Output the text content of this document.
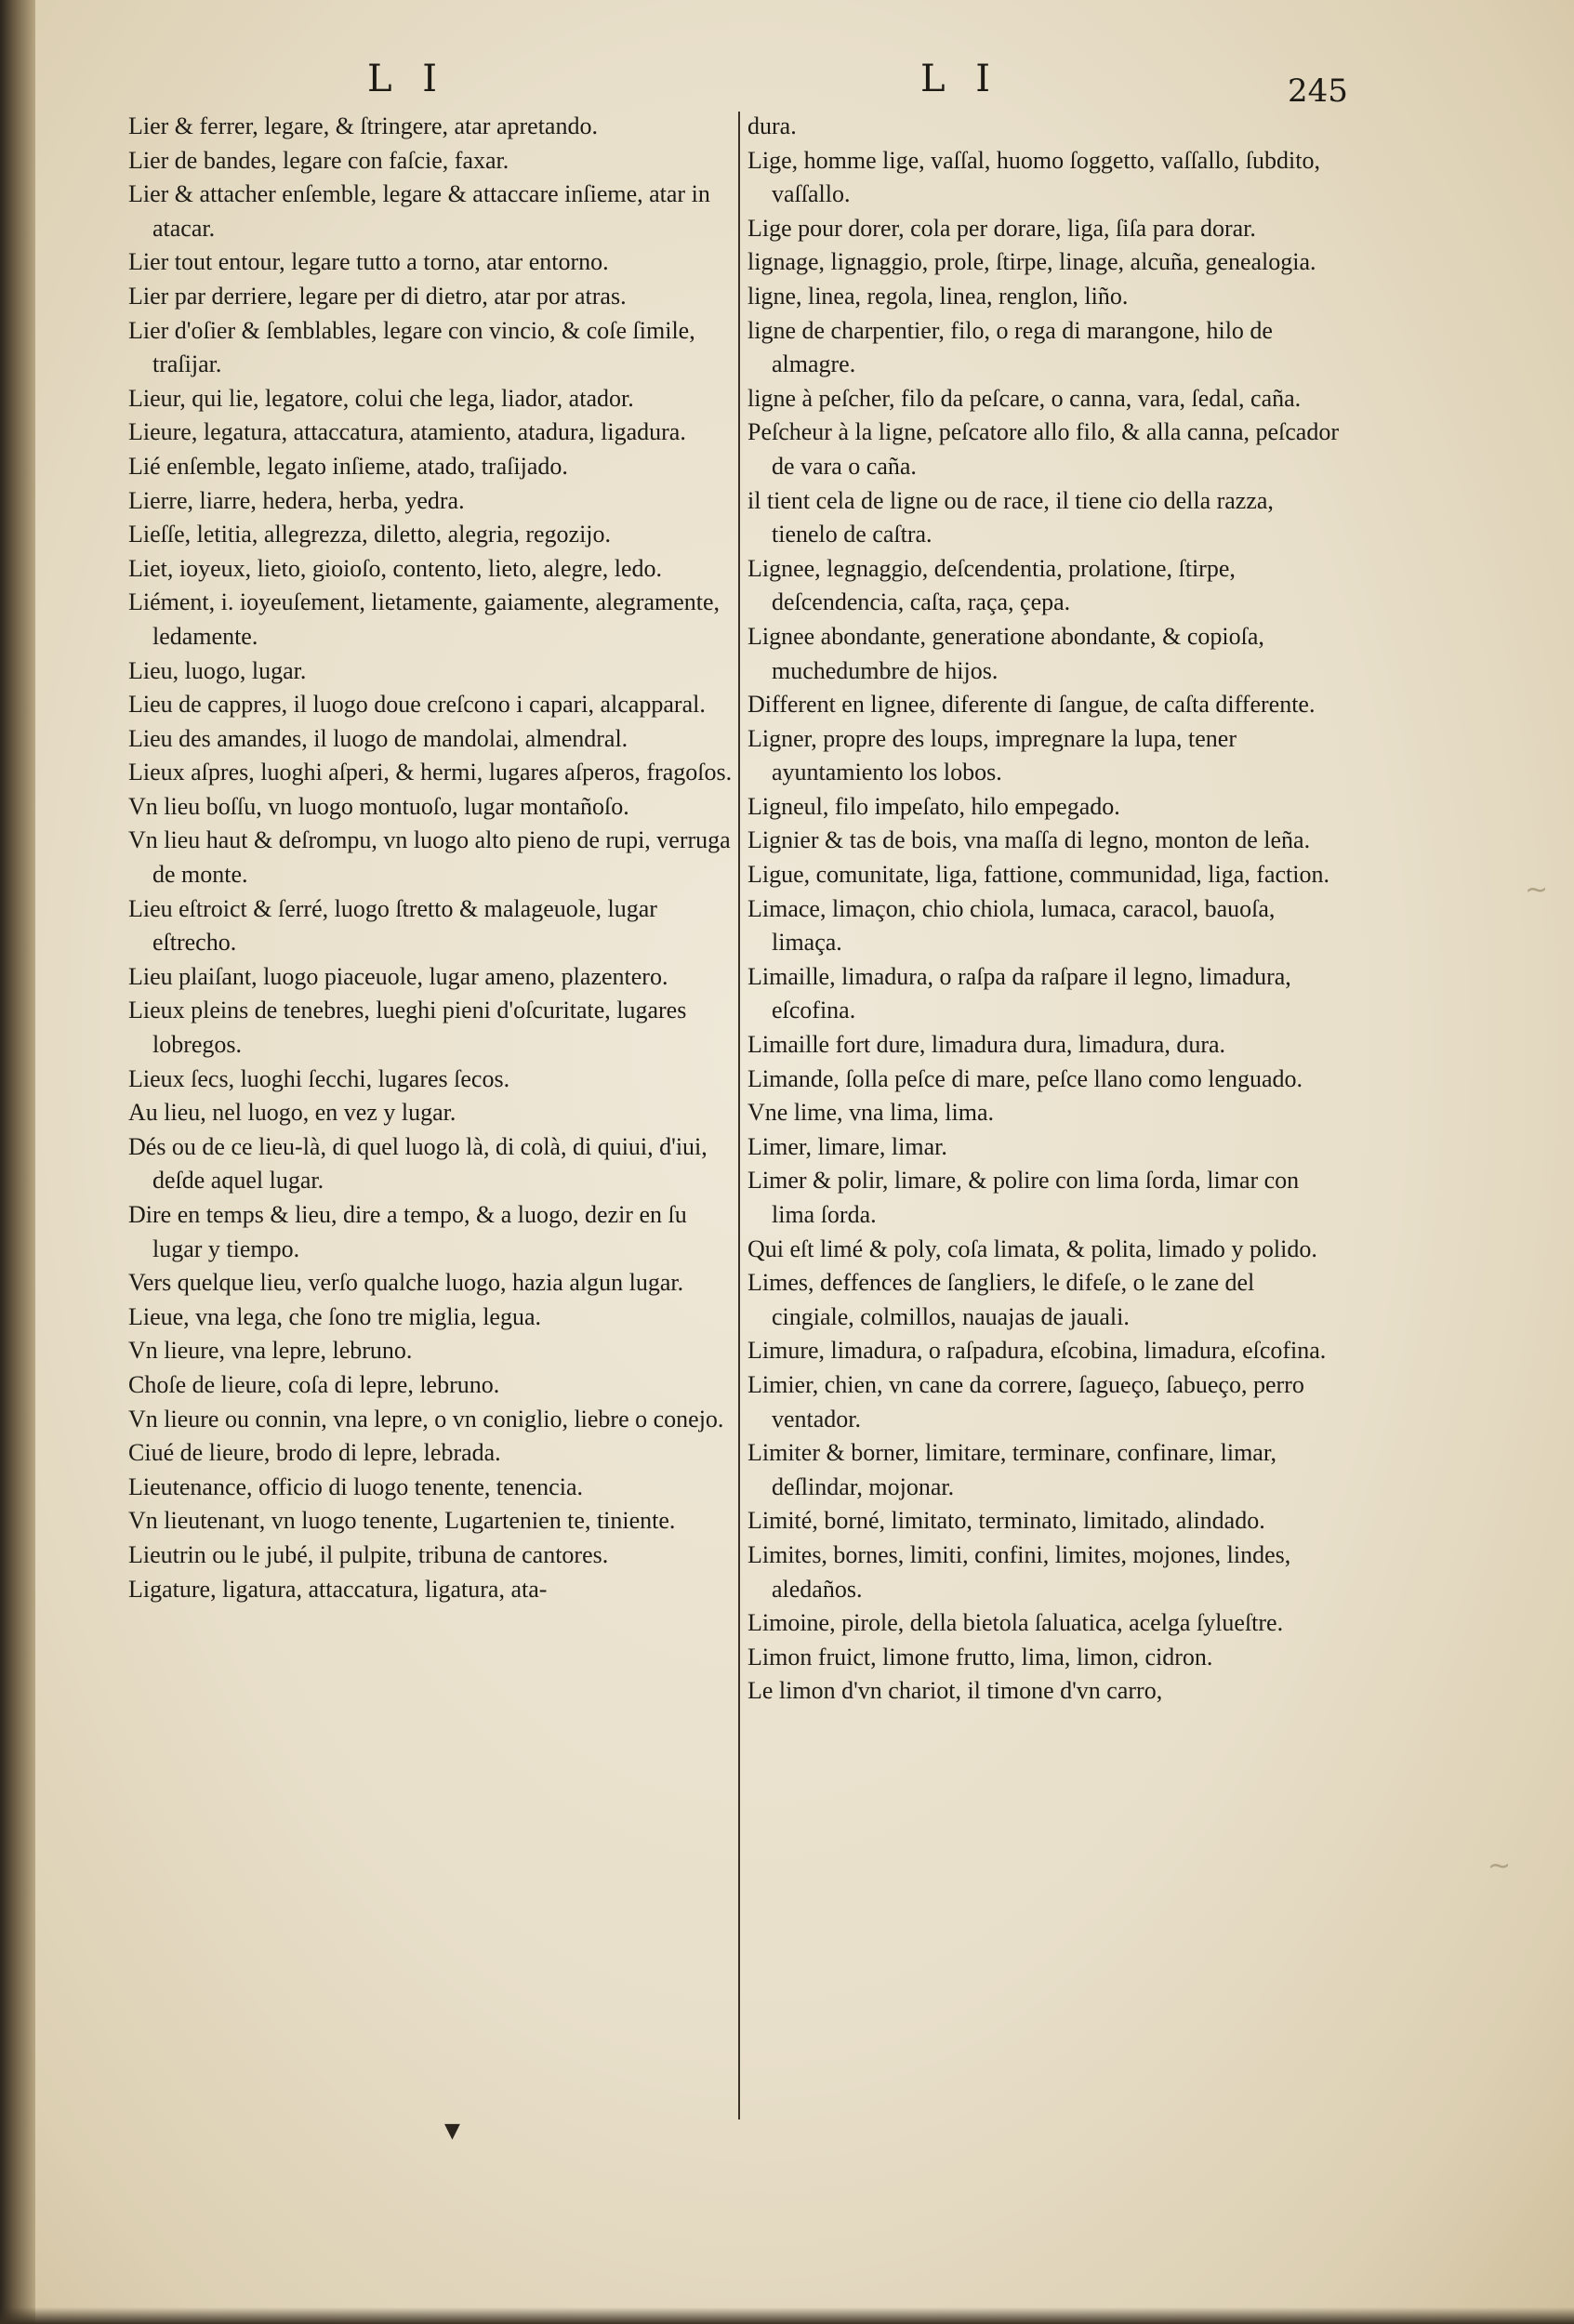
L I	L I	245

Lier & ferrer, legare, & ſtringere, atar apretando.

Lier de bandes, legare con faſcie, faxar.

Lier & attacher enſemble, legare & attaccare inſieme, atar in atacar.

Lier tout entour, legare tutto a torno, atar entorno.

Lier par derriere, legare per di dietro, atar por atras.

Lier d'oſier & ſemblables, legare con vincio, & coſe ſimile, traſijar.

Lieur, qui lie, legatore, colui che lega, liador, atador.

Lieure, legatura, attaccatura, atamiento, atadura, ligadura.

Lié enſemble, legato inſieme, atado, traſijado.

Lierre, liarre, hedera, herba, yedra.

Lieſſe, letitia, allegrezza, diletto, alegria, regozijo.

Liet, ioyeux, lieto, gioioſo, contento, lieto, alegre, ledo.

Liément, i. ioyeuſement, lietamente, gaiamente, alegramente, ledamente.

Lieu, luogo, lugar.

Lieu de cappres, il luogo doue creſcono i capari, alcapparal.

Lieu des amandes, il luogo de mandolai, almendral.

Lieux aſpres, luoghi aſperi, & hermi, lugares aſperos, fragoſos.

Vn lieu boſſu, vn luogo montuoſo, lugar montañoſo.

Vn lieu haut & deſrompu, vn luogo alto pieno de rupi, verruga de monte.

Lieu eſtroict & ſerré, luogo ſtretto & malageuole, lugar eſtrecho.

Lieu plaiſant, luogo piaceuole, lugar ameno, plazentero.

Lieux pleins de tenebres, lueghi pieni d'oſcuritate, lugares lobregos.

Lieux ſecs, luoghi ſecchi, lugares ſecos.

Au lieu, nel luogo, en vez y lugar.

Dés ou de ce lieu-là, di quel luogo là, di colà, di quiui, d'iui, deſde aquel lugar.

Dire en temps & lieu, dire a tempo, & a luogo, dezir en ſu lugar y tiempo.

Vers quelque lieu, verſo qualche luogo, hazia algun lugar.

Lieue, vna lega, che ſono tre miglia, legua.

Vn lieure, vna lepre, lebruno.

Choſe de lieure, coſa di lepre, lebruno.

Vn lieure ou connin, vna lepre, o vn coniglio, liebre o conejo.

Ciué de lieure, brodo di lepre, lebrada.

Lieutenance, officio di luogo tenente, tenencia.

Vn lieutenant, vn luogo tenente, Lugartenien te, tiniente.

Lieutrin ou le jubé, il pulpite, tribuna de cantores.

Ligature, ligatura, attaccatura, ligatura, ata-

dura.

Lige, homme lige, vaſſal, huomo ſoggetto, vaſſallo, ſubdito, vaſſallo.

Lige pour dorer, cola per dorare, liga, ſiſa para dorar.

lignage, lignaggio, prole, ſtirpe, linage, alcuña, genealogia.

ligne, linea, regola, linea, renglon, liño.

ligne de charpentier, filo, o rega di marangone, hilo de almagre.

ligne à peſcher, filo da peſcare, o canna, vara, ſedal, caña.

Peſcheur à la ligne, peſcatore allo filo, & alla canna, peſcador de vara o caña.

il tient cela de ligne ou de race, il tiene cio della razza, tienelo de caſtra.

Lignee, legnaggio, deſcendentia, prolatione, ſtirpe, deſcendencia, caſta, raça, çepa.

Lignee abondante, generatione abondante, & copioſa, muchedumbre de hijos.

Different en lignee, diferente di ſangue, de caſta differente.

Ligner, propre des loups, impregnare la lupa, tener ayuntamiento los lobos.

Ligneul, filo impeſato, hilo empegado.

Lignier & tas de bois, vna maſſa di legno, monton de leña.

Ligue, comunitate, liga, fattione, communidad, liga, faction.

Limace, limaçon, chio chiola, lumaca, caracol, bauoſa, limaça.

Limaille, limadura, o raſpa da raſpare il legno, limadura, eſcofina.

Limaille fort dure, limadura dura, limadura, dura.

Limande, ſolla peſce di mare, peſce llano como lenguado.

Vne lime, vna lima, lima.

Limer, limare, limar.

Limer & polir, limare, & polire con lima ſorda, limar con lima ſorda.

Qui eſt limé & poly, coſa limata, & polita, limado y polido.

Limes, deffences de ſangliers, le difeſe, o le zane del cingiale, colmillos, nauajas de jauali.

Limure, limadura, o raſpadura, eſcobina, limadura, eſcofina.

Limier, chien, vn cane da correre, ſagueço, ſabueço, perro ventador.

Limiter & borner, limitare, terminare, confinare, limar, deſlindar, mojonar.

Limité, borné, limitato, terminato, limitado, alindado.

Limites, bornes, limiti, confini, limites, mojones, lindes, aledaños.

Limoine, pirole, della bietola ſaluatica, acelga ſylueſtre.

Limon fruict, limone frutto, lima, limon, cidron.

Le limon d'vn chariot, il timone d'vn carro,

▼
~
~
